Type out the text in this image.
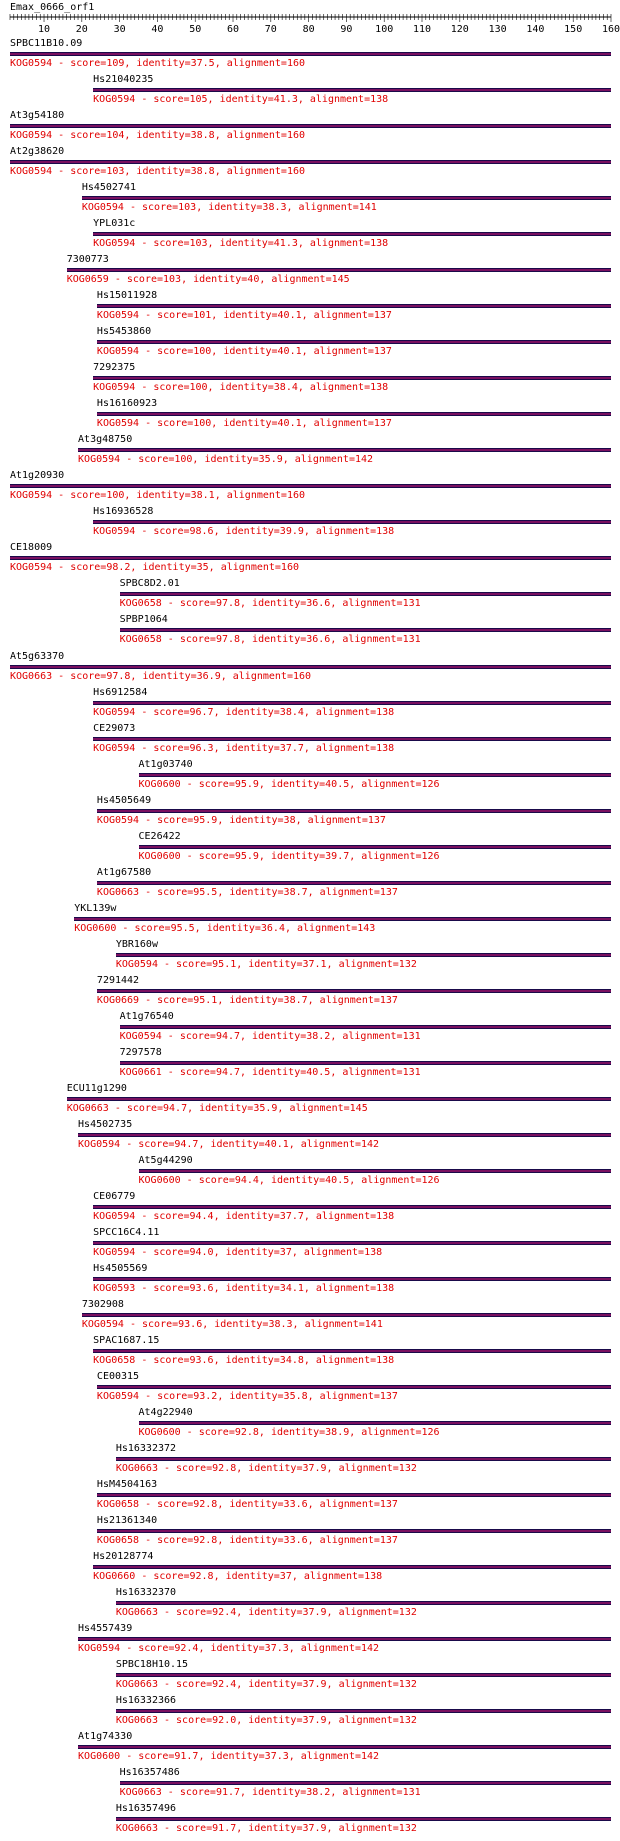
Emax_0666_orf1
10	20	30	40	50	60	70	80	90 100 110 120 130 140 150 160
SPBC11B10.09
KOG0594 - score=109, identity=37.5, alignment=160
Hs21040235
KOG0594 - score=105, identity=41.3, alignment=138
At3g54180
KOG0594 - score=104, identity=38.8, alignment=160
At2g38620
KOG0594 - score=103, identity=38.8, alignment=160
Hs4502741
KOG0594 - score=103, identity=38.3, alignment=141
YPL031c
KOG0594 - score=103, identity=41.3, alignment=138
7300773
KOG0659 - score=103, identity=40, alignment=145
Hs15011928
KOG0594 - score=101, identity=40.1, alignment=137
Hs5453860
KOG0594 - score=100, identity=40.1, alignment=137
7292375
KOG0594 - score=100, identity=38.4, alignment=138
Hs16160923
KOG0594 - score=100, identity=40.1, alignment=137
At3g48750
KOG0594 - score=100, identity=35.9, alignment=142
At1g20930
KOG0594 - score=100, identity=38.1, alignment=160
Hs16936528
KOG0594 - score=98.6, identity=39.9, alignment=138
CE18009
KOG0594 - score=98.2, identity=35, alignment=160
SPBC8D2.01
KOG0658 - score=97.8, identity=36.6, alignment=131
SPBP1064
KOG0658 - score=97.8, identity=36.6, alignment=131
At5g63370
KOG0663 - score=97.8, identity=36.9, alignment=160
Hs6912584
KOG0594 - score=96.7, identity=38.4, alignment=138
CE29073
KOG0594 - score=96.3, identity=37.7, alignment=138
At1g03740
KOG0600 - score=95.9, identity=40.5, alignment=126
Hs4505649
KOG0594 - score=95.9, identity=38, alignment=137
CE26422
KOG0600 - score=95.9, identity=39.7, alignment=126
At1g67580
KOG0663 - score=95.5, identity=38.7, alignment=137
YKL139w
KOG0600 - score=95.5, identity=36.4, alignment=143
YBR160w
KOG0594 - score=95.1, identity=37.1, alignment=132
7291442
KOG0669 - score=95.1, identity=38.7, alignment=137
At1g76540
KOG0594 - score=94.7, identity=38.2, alignment=131
7297578
KOG0661 - score=94.7, identity=40.5, alignment=131
ECU11g1290
KOG0663 - score=94.7, identity=35.9, alignment=145
Hs4502735
KOG0594 - score=94.7, identity=40.1, alignment=142
At5g44290
KOG0600 - score=94.4, identity=40.5, alignment=126
CE06779
KOG0594 - score=94.4, identity=37.7, alignment=138
SPCC16C4.11
KOG0594 - score=94.0, identity=37, alignment=138
Hs4505569
KOG0593 - score=93.6, identity=34.1, alignment=138
7302908
KOG0594 - score=93.6, identity=38.3, alignment=141
SPAC1687.15
KOG0658 - score=93.6, identity=34.8, alignment=138
CE00315
KOG0594 - score=93.2, identity=35.8, alignment=137
At4g22940
KOG0600 - score=92.8, identity=38.9, alignment=126
Hs16332372
KOG0663 - score=92.8, identity=37.9, alignment=132
HsM4504163
KOG0658 - score=92.8, identity=33.6, alignment=137
Hs21361340
KOG0658 - score=92.8, identity=33.6, alignment=137
Hs20128774
KOG0660 - score=92.8, identity=37, alignment=138
Hs16332370
KOG0663 - score=92.4, identity=37.9, alignment=132
Hs4557439
KOG0594 - score=92.4, identity=37.3, alignment=142
SPBC18H10.15
KOG0663 - score=92.4, identity=37.9, alignment=132
Hs16332366
KOG0663 - score=92.0, identity=37.9, alignment=132
At1g74330
KOG0600 - score=91.7, identity=37.3, alignment=142
Hs16357486
KOG0663 - score=91.7, identity=38.2, alignment=131
Hs16357496
KOG0663 - score=91.7, identity=37.9, alignment=132
